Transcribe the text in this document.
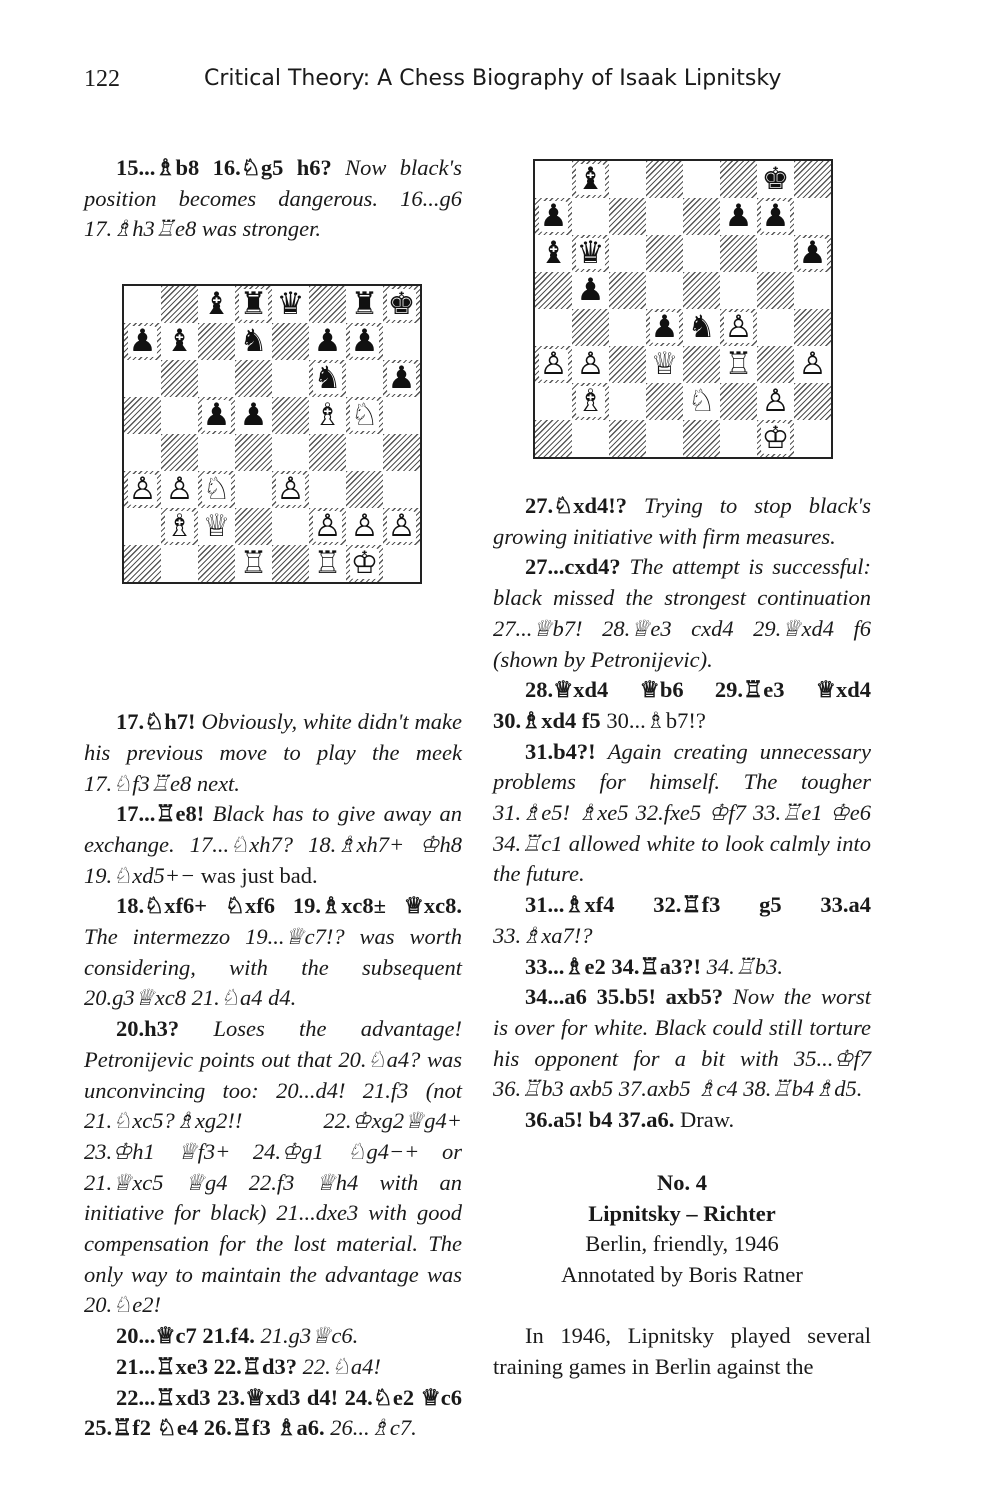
122	Critical Theory: A Chess Biography of Isaak Lipnitsky

15...♗b8 16.♘g5 h6? Now black's position becomes dangerous. 16...g6 17.♗h3♖e8 was stronger.

17.♘h7! Obviously, white didn't make his previous move to play the meek 17.♘f3♖e8 next.

17...♖e8! Black has to give away an exchange. 17...♘xh7? 18.♗xh7+ ♔h8 19.♘xd5+− was just bad.

18.♘xf6+ ♘xf6 19.♗xc8± ♕xc8. The intermezzo 19...♕c7!? was worth considering, with the subsequent 20.g3♕xc8 21.♘a4 d4.

20.h3? Loses the advantage! Petronijevic points out that 20.♘a4? was unconvincing too: 20...d4! 21.f3 (not 21.♘xc5?♗xg2!! 22.♔xg2♕g4+ 23.♔h1 ♕f3+ 24.♔g1 ♘g4−+ or 21.♕xc5 ♕g4 22.f3 ♕h4 with an initiative for black) 21...dxe3 with good compensation for the lost material. The only way to maintain the advantage was 20.♘e2!

20...♕c7 21.f4. 21.g3♕c6.

21...♖xe3 22.♖d3? 22.♘a4!

22...♖xd3 23.♕xd3 d4! 24.♘e2 ♕c6 25.♖f2 ♘e4 26.♖f3 ♗a6. 26...♗c7.

♝ ♜ ♛ ♜ ♚
♟ ♝ ♞ ♟ ♟
♞ ♟
♟ ♟ ♗ ♘
♙ ♙ ♘ ♙
♗ ♕	♙ ♙ ♙
♖ ♖ ♔
♝	♚
♟	♟ ♟
♝ ♛	♟
♟
♟ ♞ ♙
♙ ♙ ♕ ♖ ♙
♗	♘ ♙
♔

27.♘xd4!? Trying to stop black's growing initiative with firm measures.

27...cxd4? The attempt is successful: black missed the strongest continuation 27...♕b7! 28.♕e3 cxd4 29.♕xd4 f6 (shown by Petronijevic).

28.♕xd4 ♕b6 29.♖e3 ♕xd4 30.♗xd4 f5 30...♗b7!?

31.b4?! Again creating unnecessary problems for himself. The tougher 31.♗e5! ♗xe5 32.fxe5 ♔f7 33.♖e1 ♔e6 34.♖c1 allowed white to look calmly into the future.

31...♗xf4 32.♖f3 g5 33.a4 33.♗xa7!?

33...♗e2 34.♖a3?! 34.♖b3.

34...a6 35.b5! axb5? Now the worst is over for white. Black could still torture his opponent for a bit with 35...♔f7 36.♖b3 axb5 37.axb5 ♗c4 38.♖b4♗d5.

36.a5! b4 37.a6. Draw.

No. 4
Lipnitsky – Richter
Berlin, friendly, 1946
Annotated by Boris Ratner

In 1946, Lipnitsky played several training games in Berlin against the
